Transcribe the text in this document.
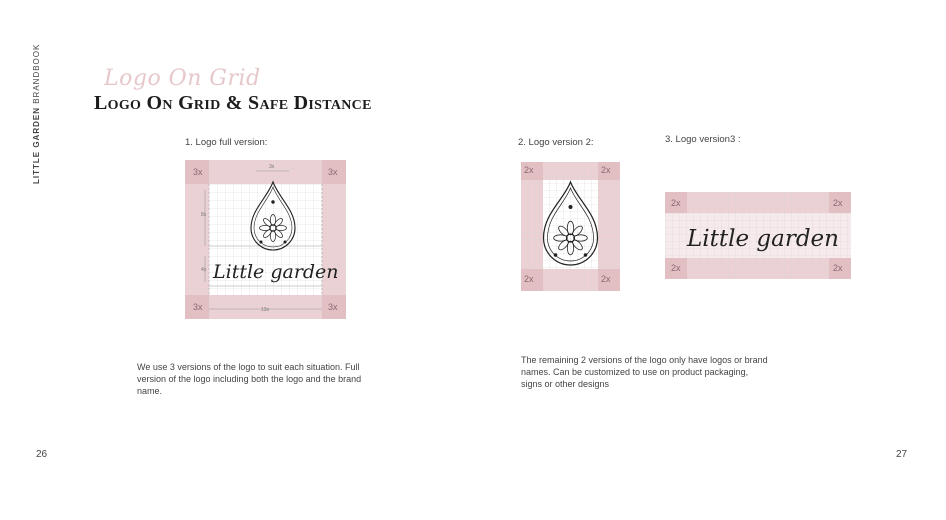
LITTLE GARDEN BRANDBOOK	Logo On Grid
Logo On Grid & Safe Distance
1. Logo full version:	2. Logo version 2:	3. Logo version3 :
Little garden
3x
8x
4x
13x
3x	3x
3x	3x
2x	2x
2x	2x
Little garden
2x	2x
2x	2x
We use 3 versions of the logo to suit each situation. Full version of the logo including both the logo and the brand name.
The remaining 2 versions of the logo only have logos or brand names. Can be customized to use on product packaging, signs or other designs
26	27
